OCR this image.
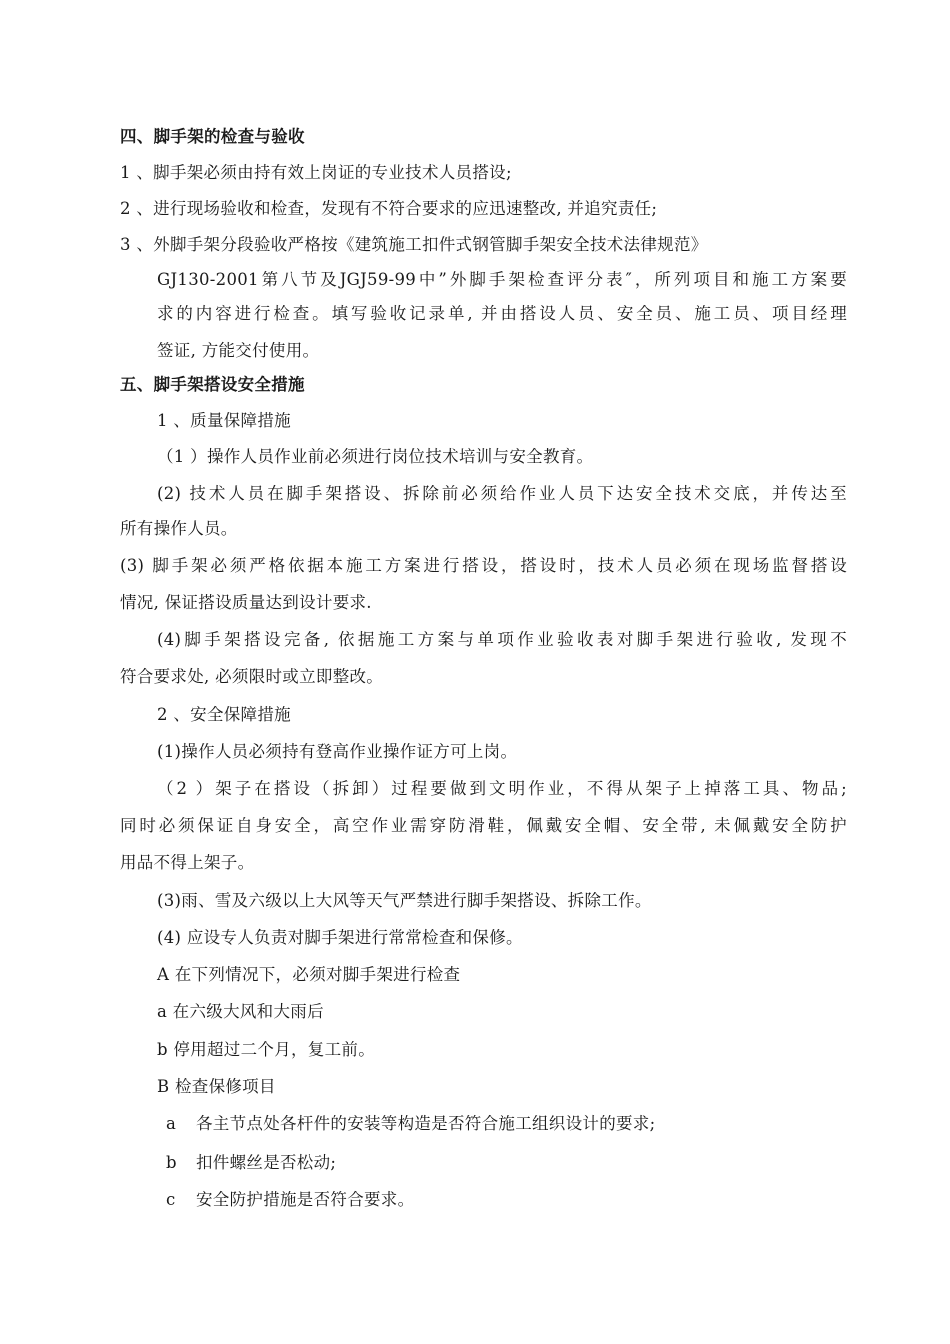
四、脚手架的检查与验收
1 、脚手架必须由持有效上岗证的专业技术人员搭设;
2 、进行现场验收和检查，发现有不符合要求的应迅速整改, 并追究责任;
3 、外脚手架分段验收严格按《建筑施工扣件式钢管脚手架安全技术法律规范》
GJ130-2001第八节及JGJ59-99中”外脚手架检查评分表″，所列项目和施工方案要
求的内容进行检查。填写验收记录单, 并由搭设人员、安全员、施工员、项目经理
签证, 方能交付使用。
五、脚手架搭设安全措施
1 、质量保障措施
（1 ）操作人员作业前必须进行岗位技术培训与安全教育。
(2) 技术人员在脚手架搭设、拆除前必须给作业人员下达安全技术交底，并传达至
所有操作人员。
(3) 脚手架必须严格依据本施工方案进行搭设，搭设时，技术人员必须在现场监督搭设
情况, 保证搭设质量达到设计要求.
(4)脚手架搭设完备, 依据施工方案与单项作业验收表对脚手架进行验收, 发现不
符合要求处, 必须限时或立即整改。
2 、安全保障措施
(1)操作人员必须持有登高作业操作证方可上岗。
（2 ）架子在搭设（拆卸）过程要做到文明作业，不得从架子上掉落工具、物品;
同时必须保证自身安全，高空作业需穿防滑鞋，佩戴安全帽、安全带, 未佩戴安全防护
用品不得上架子。
(3)雨、雪及六级以上大风等天气严禁进行脚手架搭设、拆除工作。
(4) 应设专人负责对脚手架进行常常检查和保修。
A 在下列情况下，必须对脚手架进行检查
a 在六级大风和大雨后
b 停用超过二个月，复工前。
B 检查保修项目
a 各主节点处各杆件的安装等构造是否符合施工组织设计的要求;
b 扣件螺丝是否松动;
c 安全防护措施是否符合要求。
